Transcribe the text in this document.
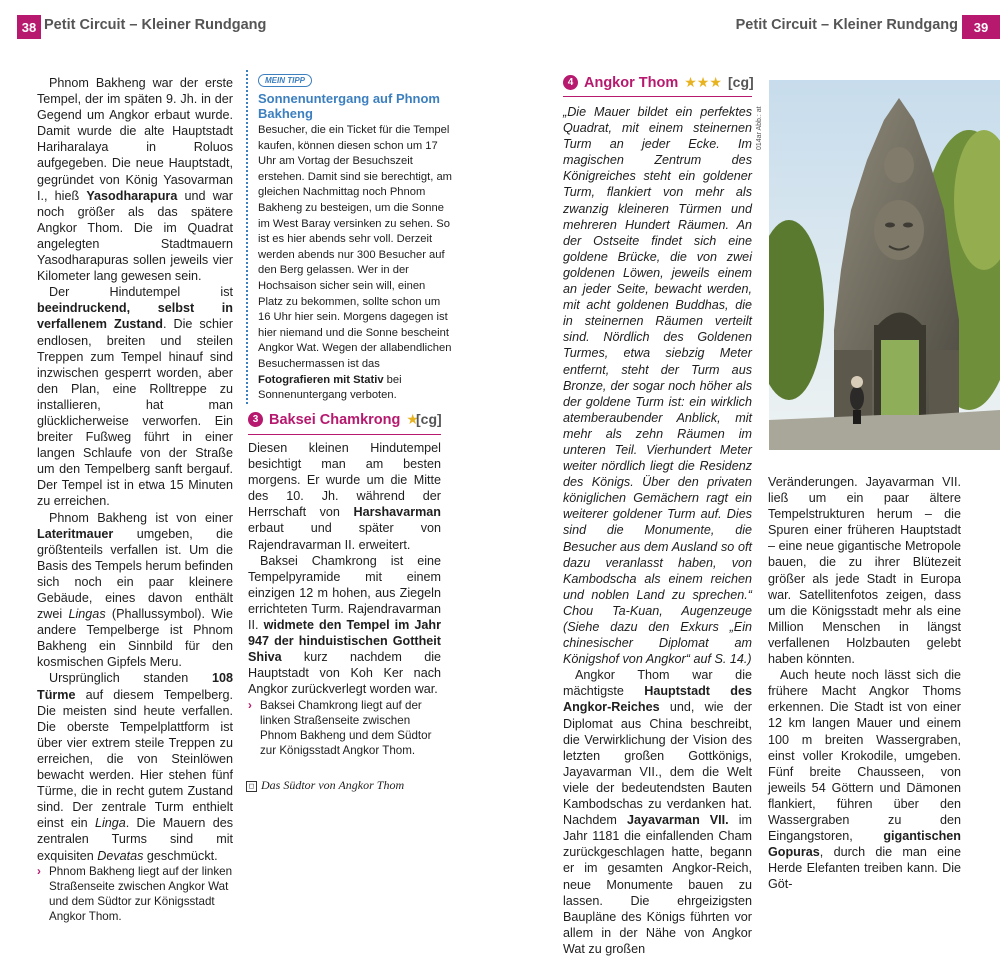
38 Petit Circuit – Kleiner Rundgang	Petit Circuit – Kleiner Rundgang	39

Phnom Bakheng war der erste Tempel, der im späten 9. Jh. in der Gegend um Angkor erbaut wurde. Damit wurde die alte Hauptstadt Hariharalaya in Roluos aufgegeben. Die neue Hauptstadt, gegründet von König Yasovarman I., hieß Yasodharapura und war noch größer als das spätere Angkor Thom. Die im Quadrat angelegten Stadtmauern Yasodharapuras sollen jeweils vier Kilometer lang gewesen sein.

Der Hindutempel ist beeindruckend, selbst in verfallenem Zustand. Die schier endlosen, breiten und steilen Treppen zum Tempel hinauf sind inzwischen gesperrt worden, aber den Plan, eine Rolltreppe zu installieren, hat man glücklicherweise verworfen. Ein breiter Fußweg führt in einer langen Schlaufe von der Straße um den Tempelberg sanft bergauf. Der Tempel ist in etwa 15 Minuten zu erreichen.

Phnom Bakheng ist von einer Lateritmauer umgeben, die größtenteils verfallen ist. Um die Basis des Tempels herum befinden sich noch ein paar kleinere Gebäude, eines davon enthält zwei Lingas (Phallussymbol). Wie andere Tempelberge ist Phnom Bakheng ein Sinnbild für den kosmischen Gipfels Meru.

Ursprünglich standen 108 Türme auf diesem Tempelberg. Die meisten sind heute verfallen. Die oberste Tempelplattform ist über vier extrem steile Treppen zu erreichen, die von Steinlöwen bewacht werden. Hier stehen fünf Türme, die in recht gutem Zustand sind. Der zentrale Turm enthielt einst ein Linga. Die Mauern des zentralen Turms sind mit exquisiten Devatas geschmückt.

› Phnom Bakheng liegt auf der linken Straßenseite zwischen Angkor Wat und dem Südtor zur Königsstadt Angkor Thom.

MEIN TIPP
Sonnenuntergang auf Phnom Bakheng
Besucher, die ein Ticket für die Tempel kaufen, können diesen schon um 17 Uhr am Vortag der Besuchszeit erstehen. Damit sind sie berechtigt, am gleichen Nachmittag noch Phnom Bakheng zu besteigen, um die Sonne im West Baray versinken zu sehen. So ist es hier abends sehr voll. Derzeit werden abends nur 300 Besucher auf den Berg gelassen. Wer in der Hochsaison sicher sein will, einen Platz zu bekommen, sollte schon um 16 Uhr hier sein. Morgens dagegen ist hier niemand und die Sonne bescheint Angkor Wat. Wegen der allabendlichen Besuchermassen ist das Fotografieren mit Stativ bei Sonnenuntergang verboten.
3 Baksei Chamkrong ★
[cg]

Diesen kleinen Hindutempel besichtigt man am besten morgens. Er wurde um die Mitte des 10. Jh. während der Herrschaft von Harshavarman erbaut und später von Rajendravarman II. erweitert.

Baksei Chamkrong ist eine Tempelpyramide mit einem einzigen 12 m hohen, aus Ziegeln errichteten Turm. Rajendravarman II. widmete den Tempel im Jahr 947 der hinduistischen Gottheit Shiva kurz nachdem die Hauptstadt von Koh Ker nach Angkor zurückverlegt worden war.

› Baksei Chamkrong liegt auf der linken Straßenseite zwischen Phnom Bakheng und dem Südtor zur Königsstadt Angkor Thom.

◻ Das Südtor von Angkor Thom
4 Angkor Thom ★★★ [cg]

„Die Mauer bildet ein perfektes Quadrat, mit einem steinernen Turm an jeder Ecke. Im magischen Zentrum des Königreiches steht ein goldener Turm, flankiert von mehr als zwanzig kleineren Türmen und mehreren Hundert Räumen. An der Ostseite findet sich eine goldene Brücke, die von zwei goldenen Löwen, jeweils einem an jeder Seite, bewacht werden, mit acht goldenen Buddhas, die in steinernen Räumen verteilt sind. Nördlich des Goldenen Turmes, etwa siebzig Meter entfernt, steht der Turm aus Bronze, der sogar noch höher als der goldene Turm ist: ein wirklich atemberaubender Anblick, mit mehr als zehn Räumen im unteren Teil. Vierhundert Meter weiter nördlich liegt die Residenz des Königs. Über den privaten königlichen Gemächern ragt ein weiterer goldener Turm auf. Dies sind die Monumente, die Besucher aus dem Ausland so oft dazu veranlasst haben, von Kambodscha als einem reichen und noblen Land zu sprechen.“ Chou Ta-Kuan, Augenzeuge (Siehe dazu den Exkurs „Ein chinesischer Diplomat am Königshof von Angkor“ auf S. 14.)

Angkor Thom war die mächtigste Hauptstadt des Angkor-Reiches und, wie der Diplomat aus China beschreibt, die Verwirklichung der Vision des letzten großen Gottkönigs, Jayavarman VII., dem die Welt viele der bedeutendsten Bauten Kambodschas zu verdanken hat. Nachdem Jayavarman VII. im Jahr 1181 die einfallenden Cham zurückgeschlagen hatte, begann er im gesamten Angkor-Reich, neue Monumente bauen zu lassen. Die ehrgeizigsten Baupläne des Königs führten vor allem in der Nähe von Angkor Wat zu großen

014ar Abb.: at

Veränderungen. Jayavarman VII. ließ um ein paar ältere Tempelstrukturen herum – die Spuren einer früheren Hauptstadt – eine neue gigantische Metropole bauen, die zu ihrer Blütezeit größer als jede Stadt in Europa war. Satellitenfotos zeigen, dass um die Königsstadt mehr als eine Million Menschen in längst verfallenen Holzbauten gelebt haben könnten.

Auch heute noch lässt sich die frühere Macht Angkor Thoms erkennen. Die Stadt ist von einer 12 km langen Mauer und einem 100 m breiten Wassergraben, einst voller Krokodile, umgeben. Fünf breite Chausseen, von jeweils 54 Göttern und Dämonen flankiert, führen über den Wassergraben zu den Eingangstoren, gigantischen Gopuras, durch die man eine Herde Elefanten treiben kann. Die Göt-
